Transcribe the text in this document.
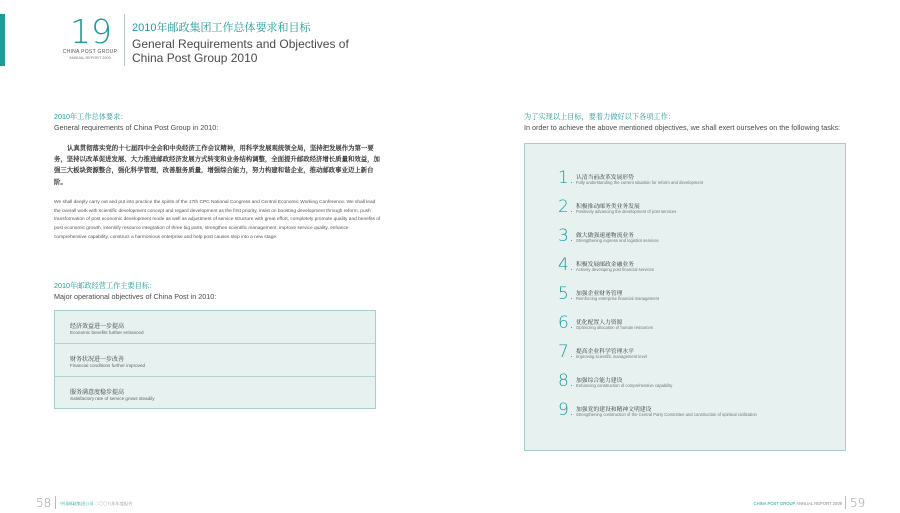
19
CHINA POST GROUP
ANNUAL REPORT 2009
2010年邮政集团工作总体要求和目标
General Requirements and Objectives of China Post Group 2010
2010年工作总体要求：
General requirements of China Post Group in 2010:
认真贯彻落实党的十七届四中全会和中央经济工作会议精神，用科学发展观统领全局，坚持把发展作为第一要务，坚持以改革促进发展、大力推进邮政经济发展方式转变和业务结构调整，全面提升邮政经济增长质量和效益，加强三大板块资源整合，强化科学管理，改善服务质量，增强综合能力，努力构建和谐企业，推动邮政事业迈上新台阶。
We shall deeply carry out and put into practice the spirits of the 17th CPC National Congress and Central Economic Working Conference. We shall lead the overall work with scientific development concept and regard development as the first priority, insist on boosting development through reform, push transformation of post economic development mode as well as adjustment of service structure with great effort, completely promote quality and benefits of post economic growth, intensify resource integration of three big parts, strengthen scientific management, improve service quality, enhance comprehensive capability, construct a harmonious enterprise and help post causes step into a new stage.
2010年邮政经营工作主要目标：
Major operational objectives of China Post in 2010:
经济效益进一步提高
Economic benefits further enhanced
财务状况进一步改善
Financial conditions further improved
服务满意度稳步提高
Satisfactory rate of service grows steadily
为了实现以上目标，要着力做好以下各项工作：
In order to achieve the above mentioned objectives, we shall exert ourselves on the following tasks:
1. 认清当前改革发展形势
Fully understanding the current situation for reform and development
2. 积极推动邮务类业务发展
Positively advancing the development of post services
3. 做大做强速递物流业务
Strengthening express and logistics services
4. 积极发展邮政金融业务
Actively developing post financial services
5. 加强企业财务管理
Reinforcing enterprise financial management
6. 优化配置人力资源
Optimizing allocation of human resources
7. 提高企业科学管理水平
Improving scientific management level
8. 加强综合能力建设
Enhancing construction of comprehensive capability
9. 加强党的建设和精神文明建设
Strengthening construction of the Central Party Committee and construction of spiritual civilization
58 中国邮政集团公司 二〇〇九年年度报告	CHINA POST GROUP ANNUAL REPORT 2009 59
